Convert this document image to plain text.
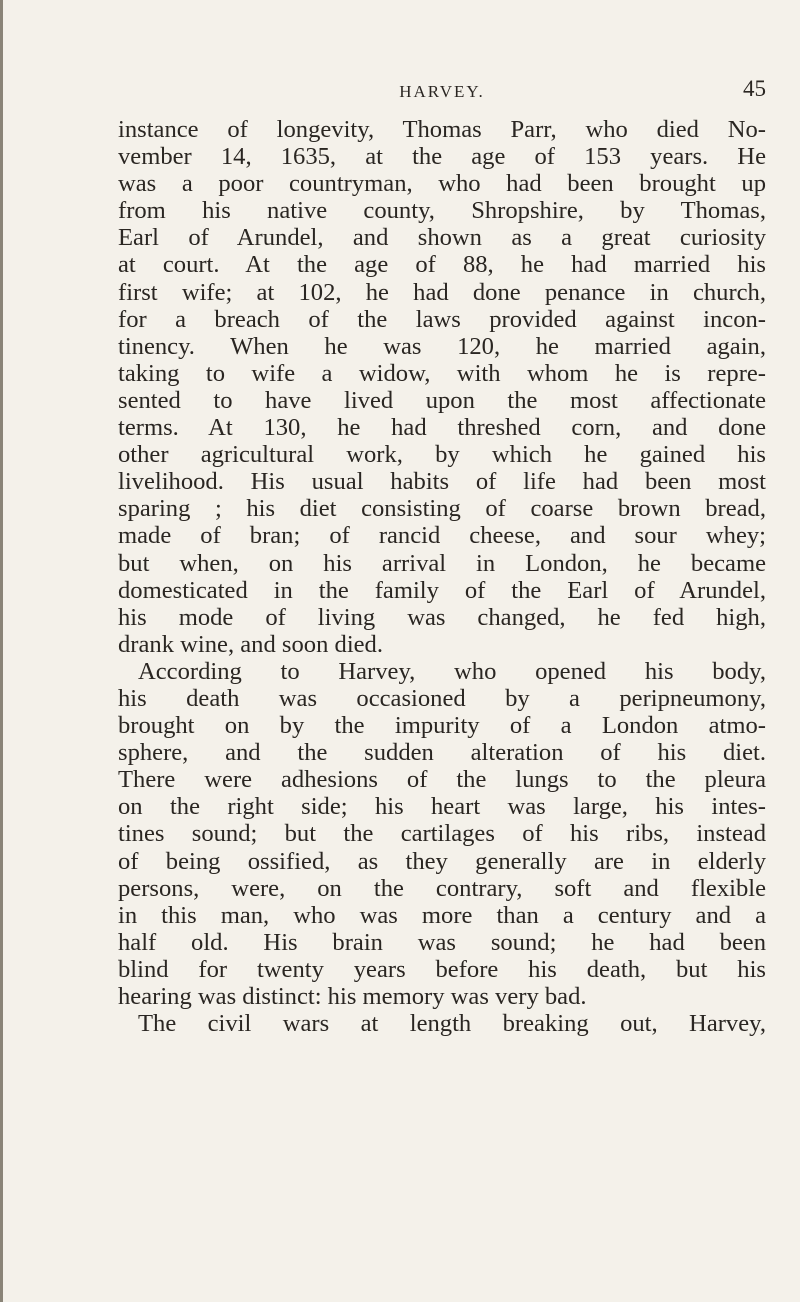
HARVEY.	45
instance of longevity, Thomas Parr, who died No-
vember 14, 1635, at the age of 153 years. He
was a poor countryman, who had been brought up
from his native county, Shropshire, by Thomas,
Earl of Arundel, and shown as a great curiosity
at court. At the age of 88, he had married his
first wife; at 102, he had done penance in church,
for a breach of the laws provided against incon-
tinency. When he was 120, he married again,
taking to wife a widow, with whom he is repre-
sented to have lived upon the most affectionate
terms. At 130, he had threshed corn, and done
other agricultural work, by which he gained his
livelihood. His usual habits of life had been most
sparing ; his diet consisting of coarse brown bread,
made of bran; of rancid cheese, and sour whey;
but when, on his arrival in London, he became
domesticated in the family of the Earl of Arundel,
his mode of living was changed, he fed high,
drank wine, and soon died.
According to Harvey, who opened his body,
his death was occasioned by a peripneumony,
brought on by the impurity of a London atmo-
sphere, and the sudden alteration of his diet.
There were adhesions of the lungs to the pleura
on the right side; his heart was large, his intes-
tines sound; but the cartilages of his ribs, instead
of being ossified, as they generally are in elderly
persons, were, on the contrary, soft and flexible
in this man, who was more than a century and a
half old. His brain was sound; he had been
blind for twenty years before his death, but his
hearing was distinct: his memory was very bad.
The civil wars at length breaking out, Harvey,
